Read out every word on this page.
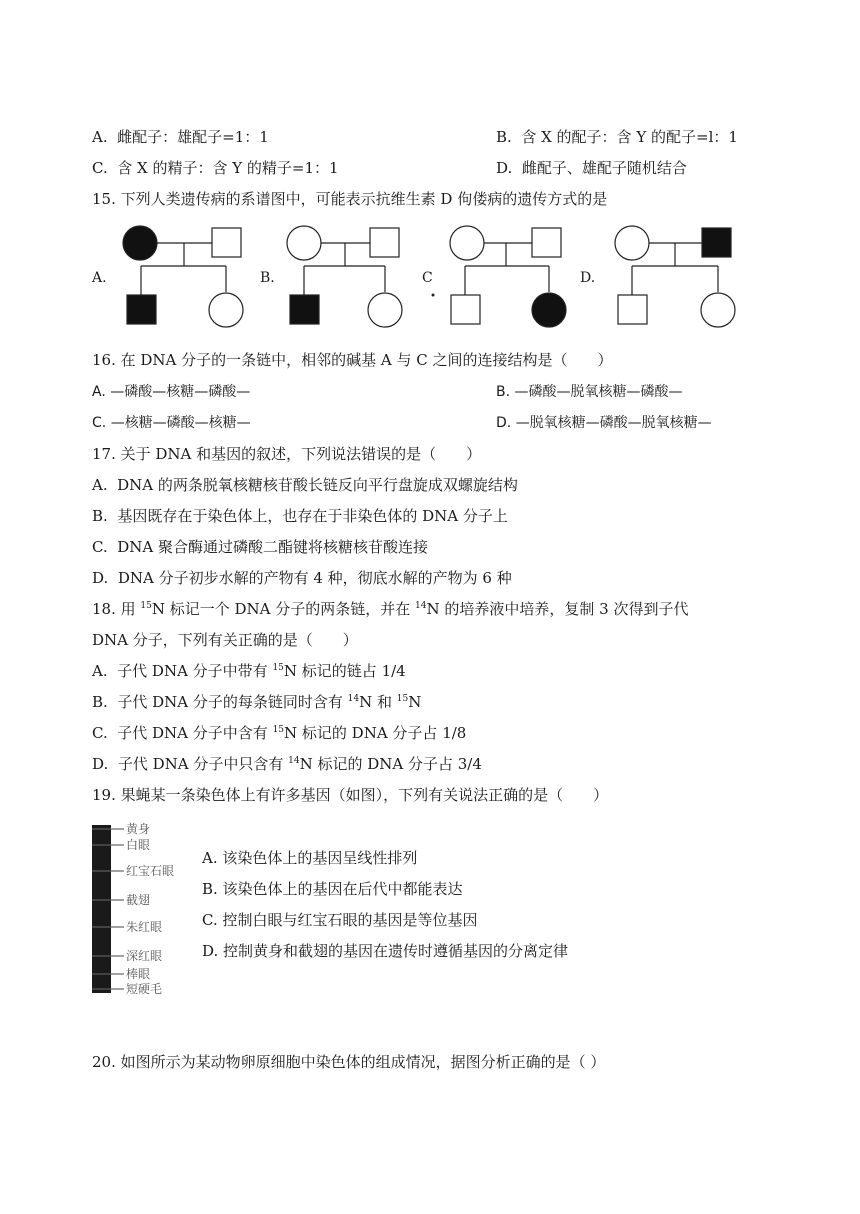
A. 雌配子：雄配子=1：1	B. 含 X 的配子：含 Y 的配子=l：1
C. 含 X 的精子：含 Y 的精子=1：1	D. 雌配子、雄配子随机结合
15. 下列人类遗传病的系谱图中，可能表示抗维生素 D 佝偻病的遗传方式的是
A.	B.	C	D.
16. 在 DNA 分子的一条链中，相邻的碱基 A 与 C 之间的连接结构是（　　）
A. —磷酸—核糖—磷酸—	B. —磷酸—脱氧核糖—磷酸—
C. —核糖—磷酸—核糖—	D. —脱氧核糖—磷酸—脱氧核糖—
17. 关于 DNA 和基因的叙述，下列说法错误的是（　　）
A. DNA 的两条脱氧核糖核苷酸长链反向平行盘旋成双螺旋结构
B. 基因既存在于染色体上，也存在于非染色体的 DNA 分子上
C. DNA 聚合酶通过磷酸二酯键将核糖核苷酸连接
D. DNA 分子初步水解的产物有 4 种，彻底水解的产物为 6 种
18. 用 $^{15}$N 标记一个 DNA 分子的两条链，并在 $^{14}$N 的培养液中培养，复制 3 次得到子代
DNA 分子，下列有关正确的是（　　）
A. 子代 DNA 分子中带有 $^{15}$N 标记的链占 1/4
B. 子代 DNA 分子的每条链同时含有 $^{14}$N 和 $^{15}$N
C. 子代 DNA 分子中含有 $^{15}$N 标记的 DNA 分子占 1/8
D. 子代 DNA 分子中只含有 $^{14}$N 标记的 DNA 分子占 3/4
19. 果蝇某一条染色体上有许多基因（如图），下列有关说法正确的是（　　）
黄身
白眼
红宝石眼
截翅
朱红眼
深红眼
棒眼
短硬毛
A. 该染色体上的基因呈线性排列
B. 该染色体上的基因在后代中都能表达
C. 控制白眼与红宝石眼的基因是等位基因
D. 控制黄身和截翅的基因在遗传时遵循基因的分离定律
20. 如图所示为某动物卵原细胞中染色体的组成情况，据图分析正确的是（ ）
